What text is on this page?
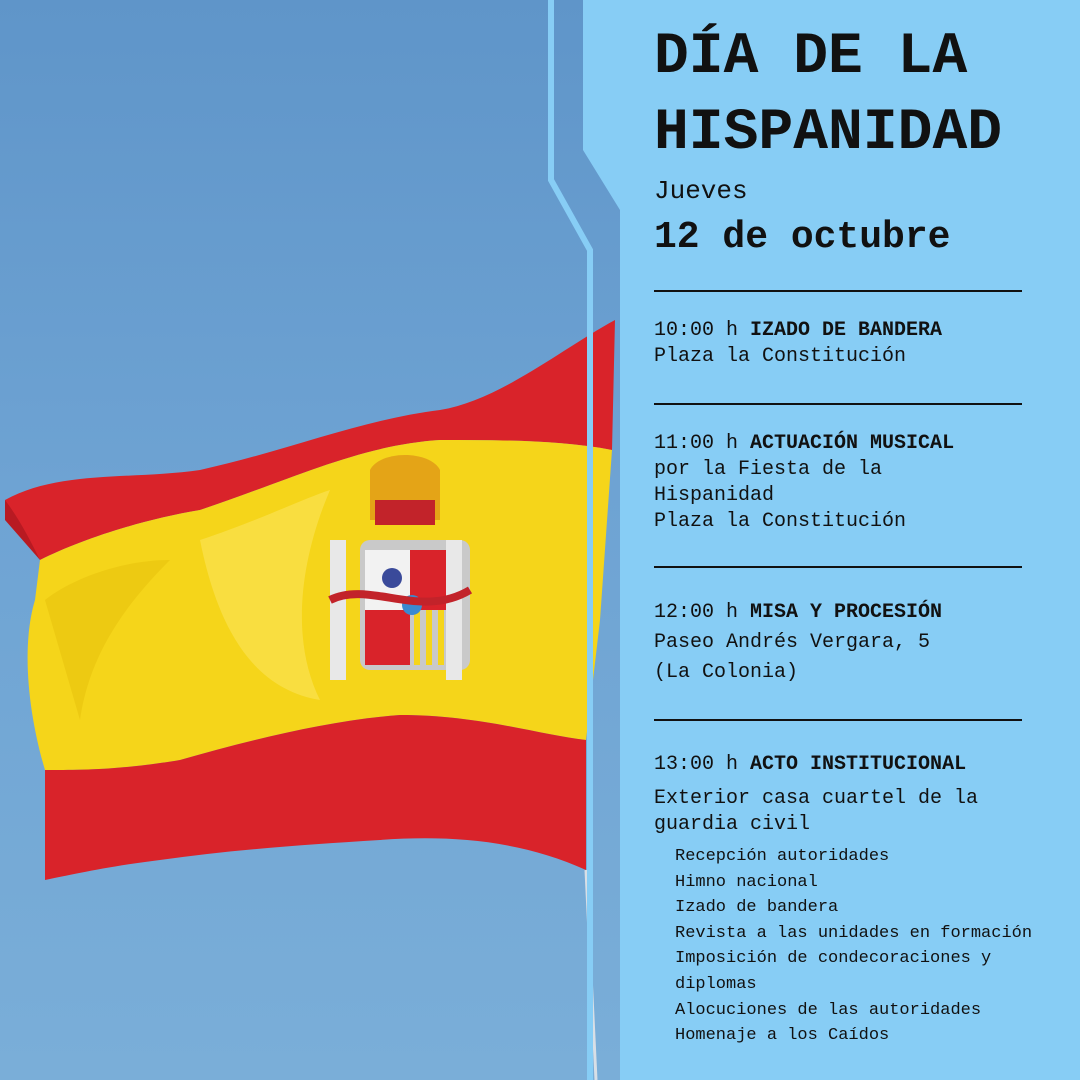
DÍA DE LA
HISPANIDAD
Jueves
12 de octubre
10:00 h IZADO DE BANDERA
Plaza la Constitución
11:00 h ACTUACIÓN MUSICAL
por la Fiesta de la
Hispanidad
Plaza la Constitución
12:00 h MISA Y PROCESIÓN
Paseo Andrés Vergara, 5
(La Colonia)
13:00 h ACTO INSTITUCIONAL
Exterior casa cuartel de la
guardia civil
Recepción autoridades
Himno nacional
Izado de bandera
Revista a las unidades en formación
Imposición de condecoraciones y diplomas
Alocuciones de las autoridades
Homenaje a los Caídos
